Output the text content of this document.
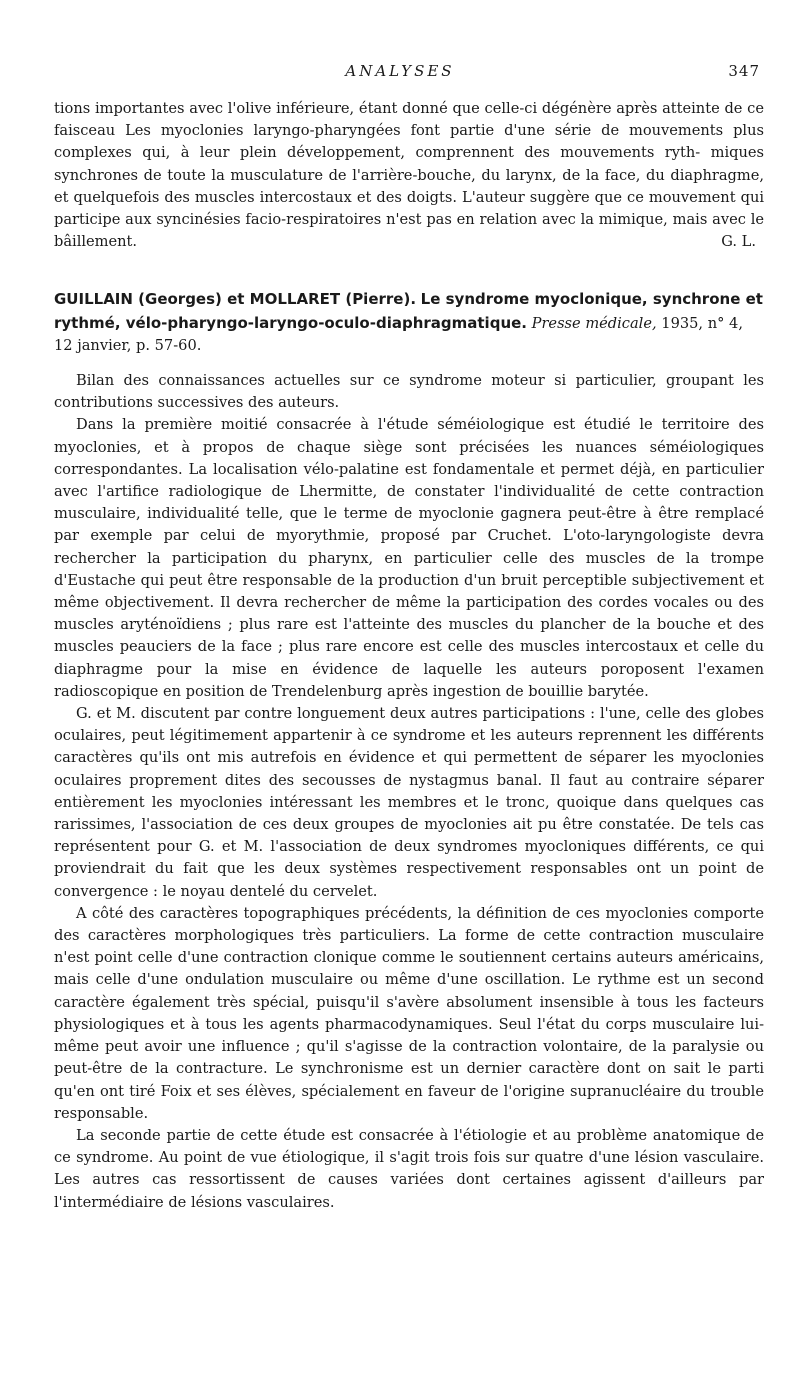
ANALYSES	347

tions importantes avec l'olive inférieure, étant donné que celle-ci dégénère après atteinte de ce faisceau Les myoclonies laryngo-pharyngées font partie d'une série de mouvements plus complexes qui, à leur plein développement, comprennent des mouvements ryth- miques synchrones de toute la musculature de l'arrière-bouche, du larynx, de la face, du diaphragme, et quelquefois des muscles intercostaux et des doigts. L'auteur suggère que ce mouvement qui participe aux syncinésies facio-respiratoires n'est pas en relation avec la mimique, mais avec le bâillement.	G. L.

GUILLAIN (Georges) et MOLLARET (Pierre). Le syndrome myoclonique, synchrone et rythmé, vélo-pharyngo-laryngo-oculo-diaphragmatique. Presse médicale, 1935, n° 4, 12 janvier, p. 57-60.

Bilan des connaissances actuelles sur ce syndrome moteur si particulier, groupant les contributions successives des auteurs.

Dans la première moitié consacrée à l'étude séméiologique est étudié le territoire des myoclonies, et à propos de chaque siège sont précisées les nuances séméiologiques correspondantes. La localisation vélo-palatine est fondamentale et permet déjà, en particulier avec l'artifice radiologique de Lhermitte, de constater l'individualité de cette contraction musculaire, individualité telle, que le terme de myoclonie gagnera peut-être à être remplacé par exemple par celui de myorythmie, proposé par Cruchet. L'oto-laryngologiste devra rechercher la participation du pharynx, en particulier celle des muscles de la trompe d'Eustache qui peut être responsable de la production d'un bruit perceptible subjectivement et même objectivement. Il devra rechercher de même la participation des cordes vocales ou des muscles aryténoïdiens ; plus rare est l'atteinte des muscles du plancher de la bouche et des muscles peauciers de la face ; plus rare encore est celle des muscles intercostaux et celle du diaphragme pour la mise en évidence de laquelle les auteurs poroposent l'examen radioscopique en position de Trendelenburg après ingestion de bouillie barytée.

G. et M. discutent par contre longuement deux autres participations : l'une, celle des globes oculaires, peut légitimement appartenir à ce syndrome et les auteurs reprennent les différents caractères qu'ils ont mis autrefois en évidence et qui permettent de séparer les myoclonies oculaires proprement dites des secousses de nystagmus banal. Il faut au contraire séparer entièrement les myoclonies intéressant les membres et le tronc, quoique dans quelques cas rarissimes, l'association de ces deux groupes de myoclonies ait pu être constatée. De tels cas représentent pour G. et M. l'association de deux syndromes myocloniques différents, ce qui proviendrait du fait que les deux systèmes respectivement responsables ont un point de convergence : le noyau dentelé du cervelet.

A côté des caractères topographiques précédents, la définition de ces myoclonies comporte des caractères morphologiques très particuliers. La forme de cette contraction musculaire n'est point celle d'une contraction clonique comme le soutiennent certains auteurs américains, mais celle d'une ondulation musculaire ou même d'une oscillation. Le rythme est un second caractère également très spécial, puisqu'il s'avère absolument insensible à tous les facteurs physiologiques et à tous les agents pharmacodynamiques. Seul l'état du corps musculaire lui-même peut avoir une influence ; qu'il s'agisse de la contraction volontaire, de la paralysie ou peut-être de la contracture. Le synchronisme est un dernier caractère dont on sait le parti qu'en ont tiré Foix et ses élèves, spécialement en faveur de l'origine supranucléaire du trouble responsable.

La seconde partie de cette étude est consacrée à l'étiologie et au problème anatomique de ce syndrome. Au point de vue étiologique, il s'agit trois fois sur quatre d'une lésion vasculaire. Les autres cas ressortissent de causes variées dont certaines agissent d'ailleurs par l'intermédiaire de lésions vasculaires.
